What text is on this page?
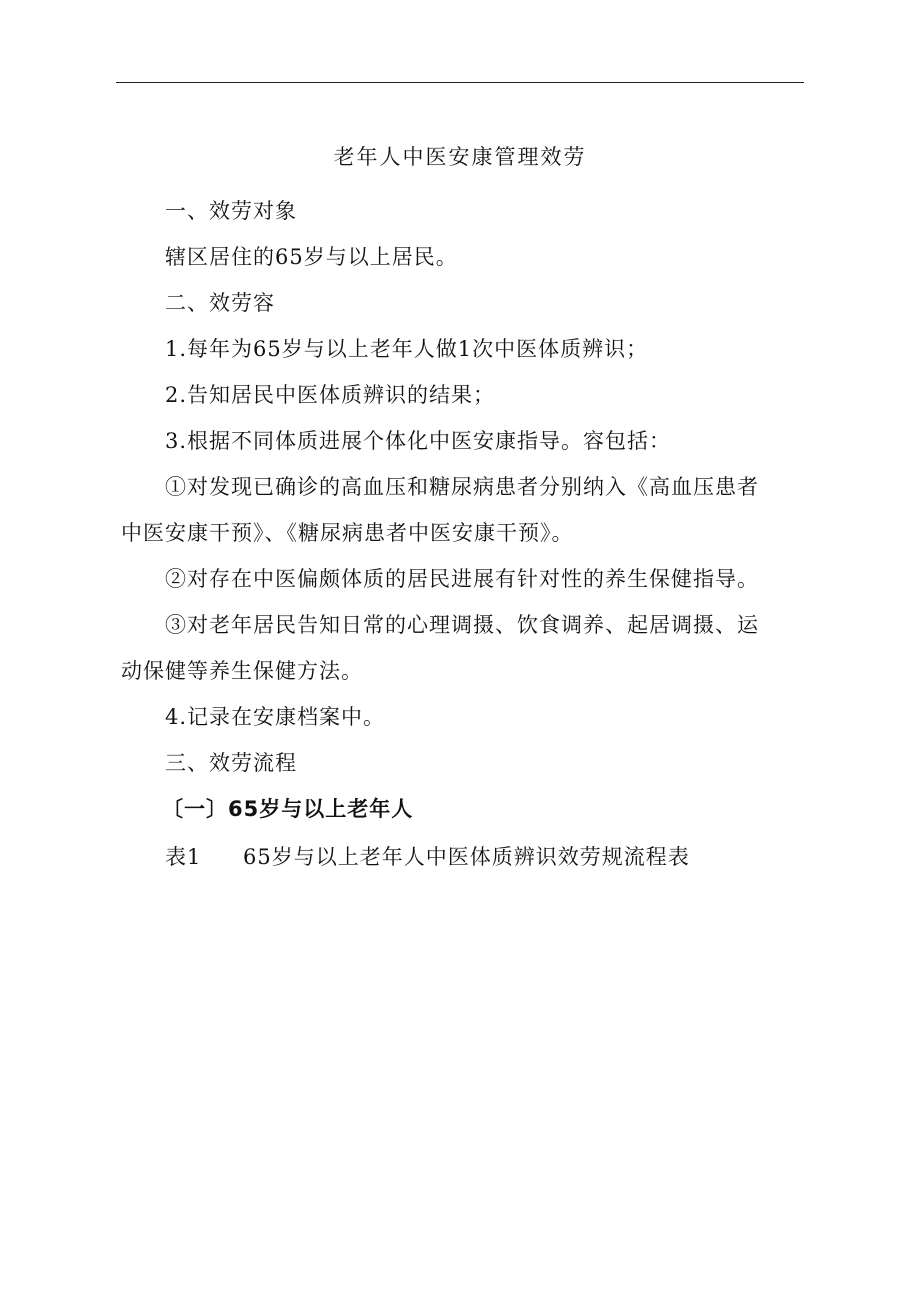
老年人中医安康管理效劳
一、效劳对象
辖区居住的65岁与以上居民。
二、效劳容
1.每年为65岁与以上老年人做1次中医体质辨识；
2.告知居民中医体质辨识的结果；
3.根据不同体质进展个体化中医安康指导。容包括：
①对发现已确诊的高血压和糖尿病患者分别纳入《高血压患者
中医安康干预》、《糖尿病患者中医安康干预》。
②对存在中医偏颇体质的居民进展有针对性的养生保健指导。
③对老年居民告知日常的心理调摄、饮食调养、起居调摄、运
动保健等养生保健方法。
4.记录在安康档案中。
三、效劳流程
〔一〕65岁与以上老年人
表1 65岁与以上老年人中医体质辨识效劳规流程表
